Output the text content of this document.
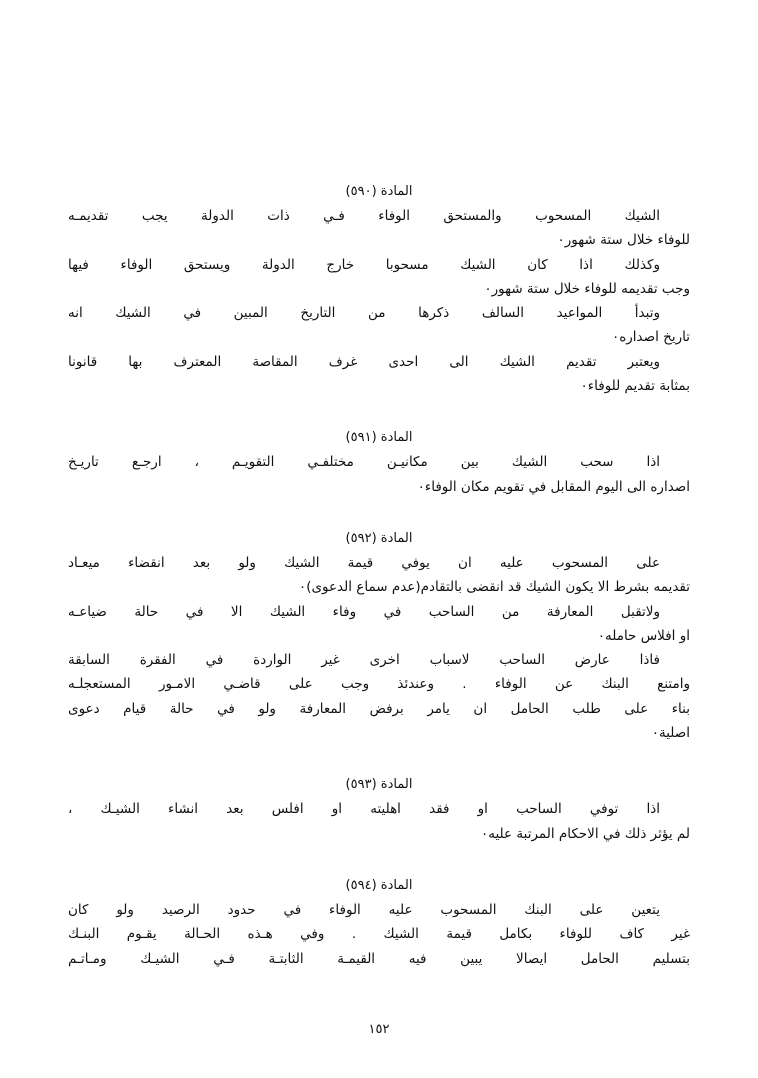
المادة (٥٩٠)
الشيك المسحوب والمستحق الوفاء فـي ذات الدولة يجب تقديمـه
للوفاء خلال ستة شهور٠
وكذلك اذا كان الشيك مسحوبا خارج الدولة ويستحق الوفاء فيها
وجب تقديمه للوفاء خلال ستة شهور٠
وتبدأ المواعيد السالف ذكرها من التاريخ المبين في الشيك انه
تاريخ اصداره٠
ويعتبر تقديم الشيك الى احدى غرف المقاصة المعترف بها قانونا
بمثابة تقديم للوفاء٠
المادة (٥٩١)
اذا سحب الشيك بين مكانيـن مختلفـي التقويـم ، ارجـع تاريـخ
اصداره الى اليوم المقابل في تقويم مكان الوفاء٠
المادة (٥٩٢)
على المسحوب عليه ان يوفي قيمة الشيك ولو بعد انقضاء ميعـاد
تقديمه بشرط الا يكون الشيك قد انقضى بالتقادم(عدم سماع الدعوى)٠
ولاتقبل المعارفة من الساحب في وفاء الشيك الا في حالة ضياعـه
او افلاس حامله٠
فاذا عارض الساحب لاسباب اخرى غير الواردة في الفقرة السابقة
وامتنع البنك عن الوفاء . وعندئذ وجب على قاضـي الامـور المستعجلـه
بناء على طلب الحامل ان يامر برفض المعارفة ولو في حالة قيام دعوى
اصلية٠
المادة (٥٩٣)
اذا توفي الساحب او فقد اهليته او افلس بعد انشاء الشيـك ،
لم يؤثر ذلك في الاحكام المرتبة عليه٠
المادة (٥٩٤)
يتعين على البنك المسحوب عليه الوفاء في حدود الرصيد ولو كان
غير كاف للوفاء بكامل قيمة الشيك . وفي هـذه الحـالة يقـوم البنـك
بتسليم الحامل ايصالا يبين فيه القيمـة الثابتـة فـي الشيـك ومـاتـم
١٥٢
